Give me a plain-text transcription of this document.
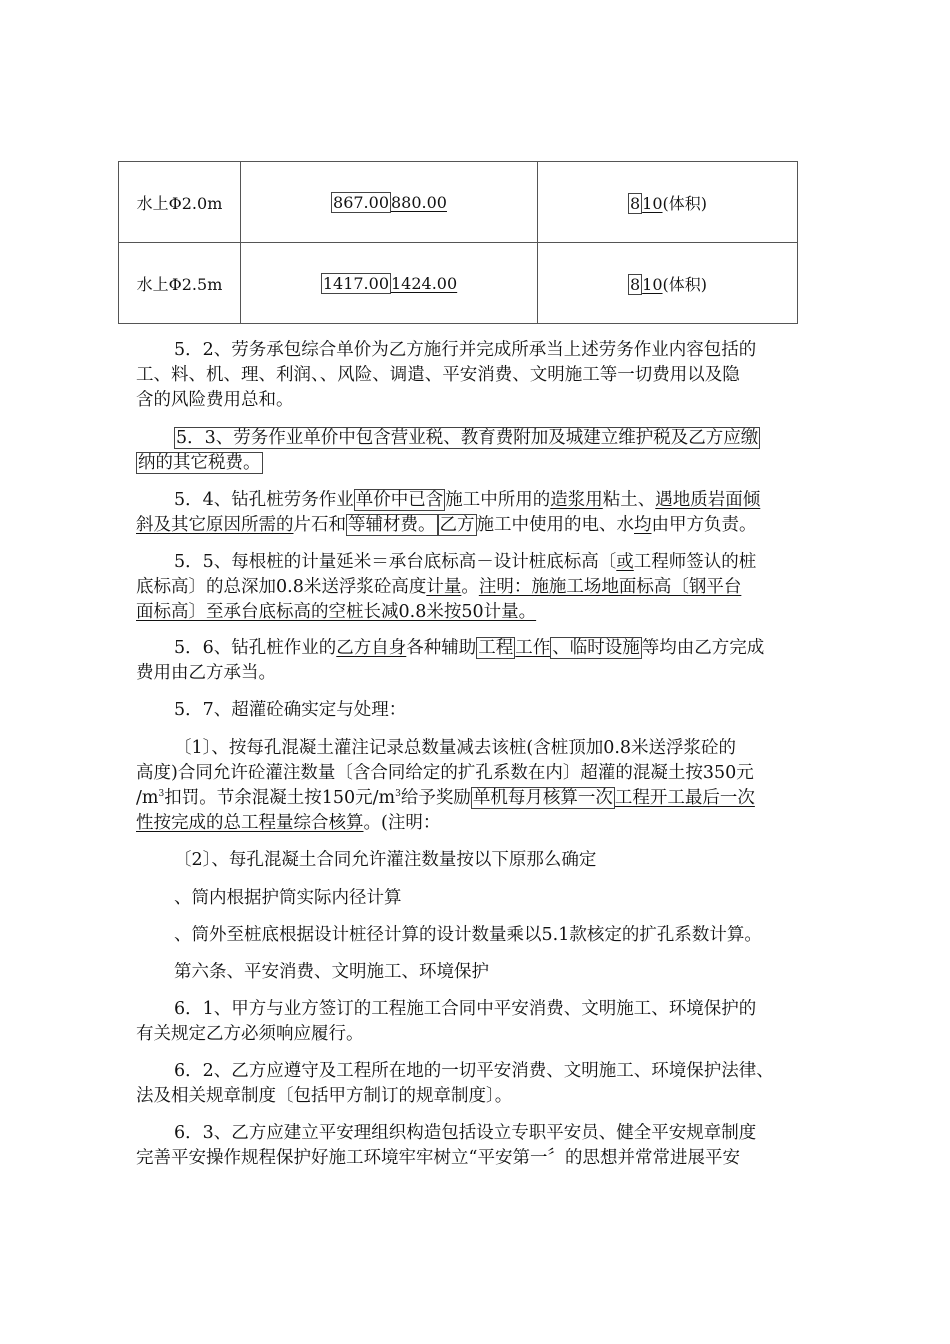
水上Φ2.0m	867.00 880.00	8 10(体积)
水上Φ2.5m	1417.00 1424.00	8 10(体积)
5．2、劳务承包综合单价为乙方施行并完成所承当上述劳务作业内容包括的
工、料、机、理、利润、、风险、调遣、平安消费、文明施工等一切费用以及隐
含的风险费用总和。
5．3、劳务作业单价中包含营业税、教育费附加及城建立维护税及乙方应缴
纳的其它税费。
5．4、钻孔桩劳务作业 单价中已含 施工中所用的造浆用粘土、遇地质岩面倾
斜及其它原因所需的片石和 等辅材费。 乙方 施工中使用的电、水均由甲方负责。
5．5、每根桩的计量延米＝承台底标高－设计桩底标高〔或工程师签认的桩
底标高〕的总深加0.8米送浮浆砼高度计量。注明：施施工场地面标高〔钢平台
面标高〕至承台底标高的空桩长减0.8米按50计量。
5．6、钻孔桩作业的乙方自身各种辅助 工程 工作 、临时设施 等均由乙方完成
费用由乙方承当。
5．7、超灌砼确实定与处理：
〔1〕、按每孔混凝土灌注记录总数量减去该桩(含桩顶加0.8米送浮浆砼的
高度)合同允许砼灌注数量〔含合同给定的扩孔系数在内〕超灌的混凝土按350元
$/m^3$扣罚。节余混凝土按150元$/m^3$给予奖励 单机每月核算一次 工程开工最后一次
性按完成的总工程量综合核算。(注明：
〔2〕、每孔混凝土合同允许灌注数量按以下原那么确定
、筒内根据护筒实际内径计算
、筒外至桩底根据设计桩径计算的设计数量乘以5.1款核定的扩孔系数计算。
第六条、平安消费、文明施工、环境保护
6．1、甲方与业方签订的工程施工合同中平安消费、文明施工、环境保护的
有关规定乙方必须响应履行。
6．2、乙方应遵守及工程所在地的一切平安消费、文明施工、环境保护法律、
法及相关规章制度〔包括甲方制订的规章制度〕。
6．3、乙方应建立平安理组织构造包括设立专职平安员、健全平安规章制度
完善平安操作规程保护好施工环境牢牢树立“平安第一〞的思想并常常进展平安
